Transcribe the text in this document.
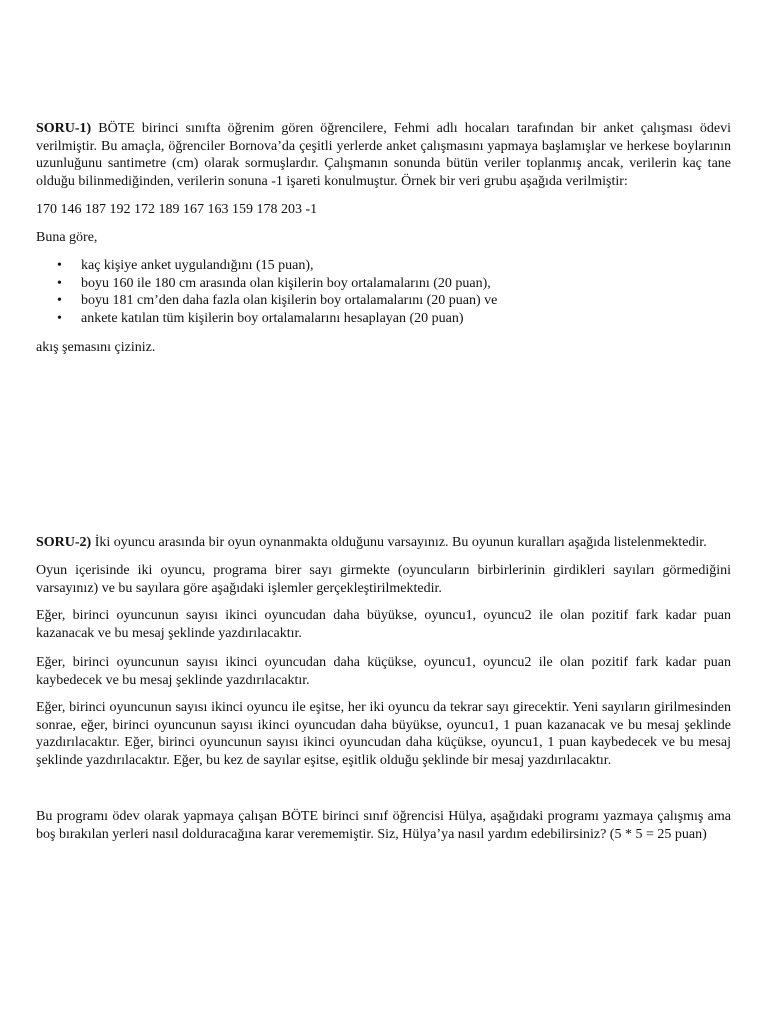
SORU-1) BÖTE birinci sınıfta öğrenim gören öğrencilere, Fehmi adlı hocaları tarafından bir anket çalışması ödevi verilmiştir. Bu amaçla, öğrenciler Bornova’da çeşitli yerlerde anket çalışmasını yapmaya başlamışlar ve herkese boylarının uzunluğunu santimetre (cm) olarak sormuşlardır. Çalışmanın sonunda bütün veriler toplanmış ancak, verilerin kaç tane olduğu bilinmediğinden, verilerin sonuna -1 işareti konulmuştur. Örnek bir veri grubu aşağıda verilmiştir:

170 146 187 192 172 189 167 163 159 178 203 -1

Buna göre,

• kaç kişiye anket uygulandığını (15 puan),
• boyu 160 ile 180 cm arasında olan kişilerin boy ortalamalarını (20 puan),
• boyu 181 cm’den daha fazla olan kişilerin boy ortalamalarını (20 puan) ve
• ankete katılan tüm kişilerin boy ortalamalarını hesaplayan (20 puan)

akış şemasını çiziniz.

SORU-2) İki oyuncu arasında bir oyun oynanmakta olduğunu varsayınız. Bu oyunun kuralları aşağıda listelenmektedir.

Oyun içerisinde iki oyuncu, programa birer sayı girmekte (oyuncuların birbirlerinin girdikleri sayıları görmediğini varsayınız) ve bu sayılara göre aşağıdaki işlemler gerçekleştirilmektedir.

Eğer, birinci oyuncunun sayısı ikinci oyuncudan daha büyükse, oyuncu1, oyuncu2 ile olan pozitif fark kadar puan kazanacak ve bu mesaj şeklinde yazdırılacaktır.

Eğer, birinci oyuncunun sayısı ikinci oyuncudan daha küçükse, oyuncu1, oyuncu2 ile olan pozitif fark kadar puan kaybedecek ve bu mesaj şeklinde yazdırılacaktır.

Eğer, birinci oyuncunun sayısı ikinci oyuncu ile eşitse, her iki oyuncu da tekrar sayı girecektir. Yeni sayıların girilmesinden sonrae, eğer, birinci oyuncunun sayısı ikinci oyuncudan daha büyükse, oyuncu1, 1 puan kazanacak ve bu mesaj şeklinde yazdırılacaktır. Eğer, birinci oyuncunun sayısı ikinci oyuncudan daha küçükse, oyuncu1, 1 puan kaybedecek ve bu mesaj şeklinde yazdırılacaktır. Eğer, bu kez de sayılar eşitse, eşitlik olduğu şeklinde bir mesaj yazdırılacaktır.

Bu programı ödev olarak yapmaya çalışan BÖTE birinci sınıf öğrencisi Hülya, aşağıdaki programı yazmaya çalışmış ama boş bırakılan yerleri nasıl dolduracağına karar verememiştir. Siz, Hülya’ya nasıl yardım edebilirsiniz? (5 * 5 = 25 puan)
